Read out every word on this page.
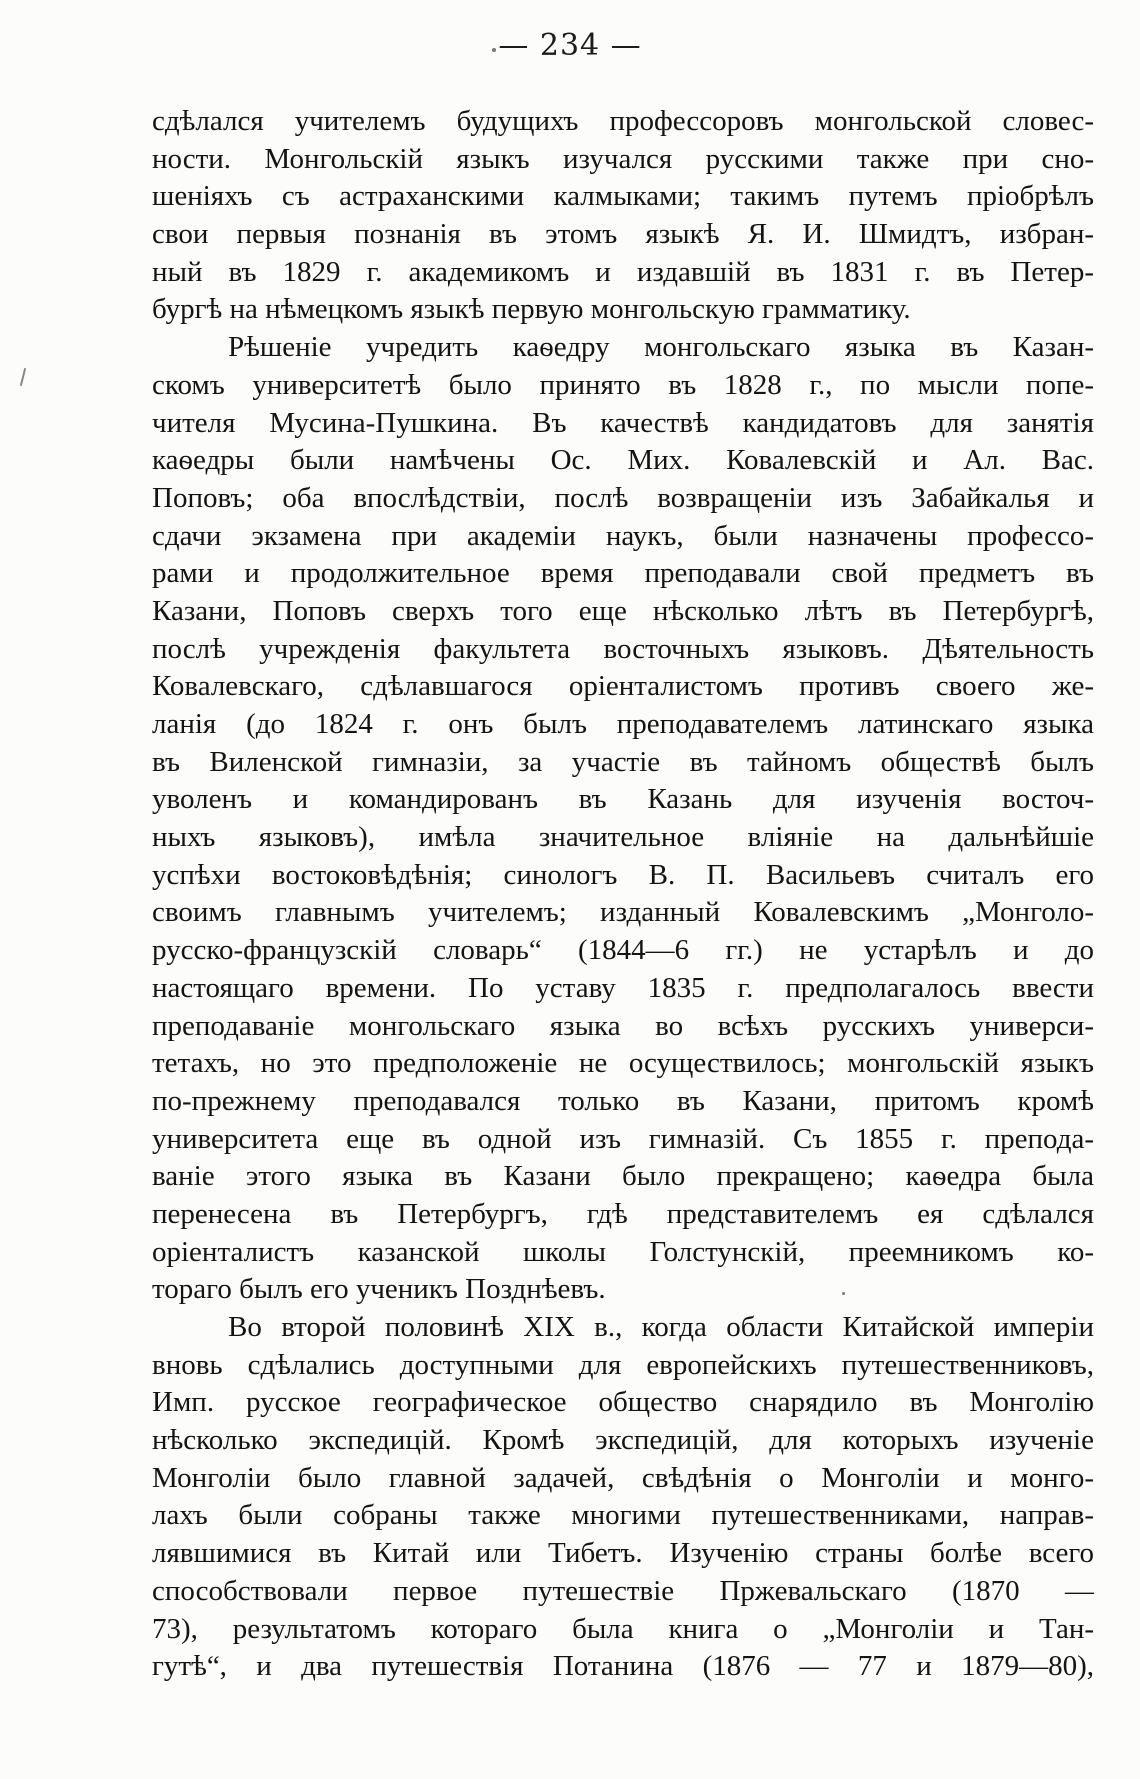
— 234 —
сдѣлался учителемъ будущихъ профессоровъ монгольской словес-
ности. Монгольскій языкъ изучался русскими также при сно-
шеніяхъ съ астраханскими калмыками; такимъ путемъ пріобрѣлъ
свои первыя познанія въ этомъ языкѣ Я. И. Шмидтъ, избран-
ный въ 1829 г. академикомъ и издавшій въ 1831 г. въ Петер-
бургѣ на нѣмецкомъ языкѣ первую монгольскую грамматику.
Рѣшеніе учредить каѳедру монгольскаго языка въ Казан-
скомъ университетѣ было принято въ 1828 г., по мысли попе-
чителя Мусина-Пушкина. Въ качествѣ кандидатовъ для занятія
каѳедры были намѣчены Ос. Мих. Ковалевскій и Ал. Вас.
Поповъ; оба впослѣдствіи, послѣ возвращеніи изъ Забайкалья и
сдачи экзамена при академіи наукъ, были назначены профессо-
рами и продолжительное время преподавали свой предметъ въ
Казани, Поповъ сверхъ того еще нѣсколько лѣтъ въ Петербургѣ,
послѣ учрежденія факультета восточныхъ языковъ. Дѣятельность
Ковалевскаго, сдѣлавшагося оріенталистомъ противъ своего же-
ланія (до 1824 г. онъ былъ преподавателемъ латинскаго языка
въ Виленской гимназіи, за участіе въ тайномъ обществѣ былъ
уволенъ и командированъ въ Казань для изученія восточ-
ныхъ языковъ), имѣла значительное вліяніе на дальнѣйшіе
успѣхи востоковѣдѣнія; синологъ В. П. Васильевъ считалъ его
своимъ главнымъ учителемъ; изданный Ковалевскимъ „Монголо-
русско-французскій словарь“ (1844—6 гг.) не устарѣлъ и до
настоящаго времени. По уставу 1835 г. предполагалось ввести
преподаваніе монгольскаго языка во всѣхъ русскихъ универси-
тетахъ, но это предположеніе не осуществилось; монгольскій языкъ
по-прежнему преподавался только въ Казани, притомъ кромѣ
университета еще въ одной изъ гимназій. Съ 1855 г. препода-
ваніе этого языка въ Казани было прекращено; каѳедра была
перенесена въ Петербургъ, гдѣ представителемъ ея сдѣлался
оріенталистъ казанской школы Голстунскій, преемникомъ ко-
тораго былъ его ученикъ Позднѣевъ.
Во второй половинѣ XIX в., когда области Китайской имперіи
вновь сдѣлались доступными для европейскихъ путешественниковъ,
Имп. русское географическое общество снарядило въ Монголію
нѣсколько экспедицій. Кромѣ экспедицій, для которыхъ изученіе
Монголіи было главной задачей, свѣдѣнія о Монголіи и монго-
лахъ были собраны также многими путешественниками, направ-
лявшимися въ Китай или Тибетъ. Изученію страны болѣе всего
способствовали первое путешествіе Пржевальскаго (1870 —
73), результатомъ котораго была книга о „Монголіи и Тан-
гутѣ“, и два путешествія Потанина (1876 — 77 и 1879—80),
